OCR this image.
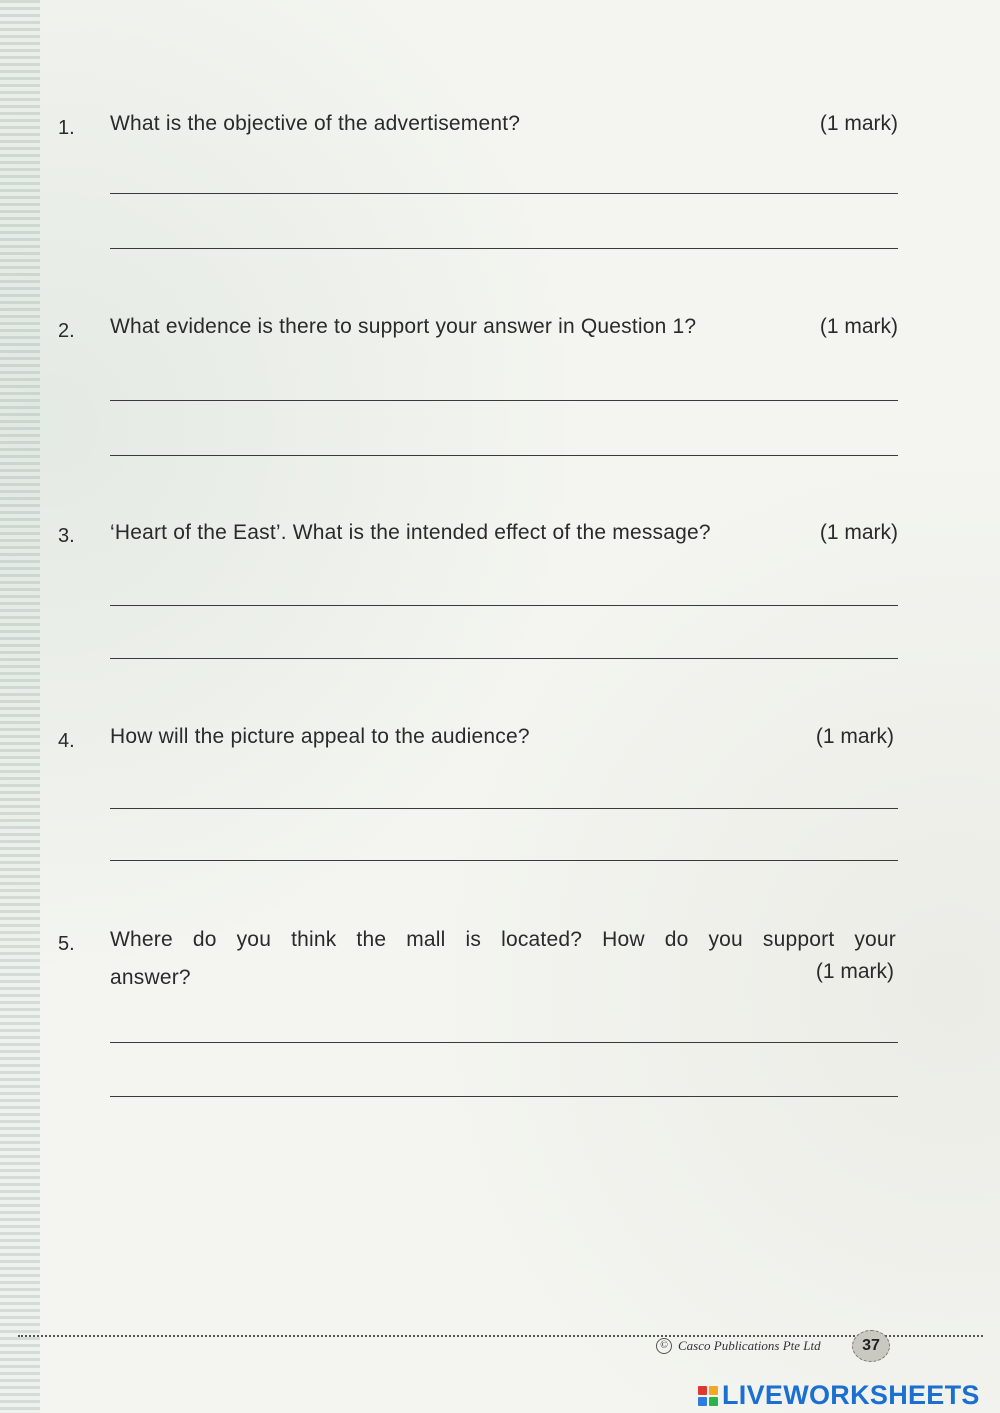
1. What is the objective of the advertisement?	(1 mark)
2. What evidence is there to support your answer in Question 1?	(1 mark)
3. ‘Heart of the East’. What is the intended effect of the message?	(1 mark)
4. How will the picture appeal to the audience?	(1 mark)
5. Where do you think the mall is located? How do you support your
answer?	(1 mark)
© Casco Publications Pte Ltd	37
LIVEWORKSHEETS
